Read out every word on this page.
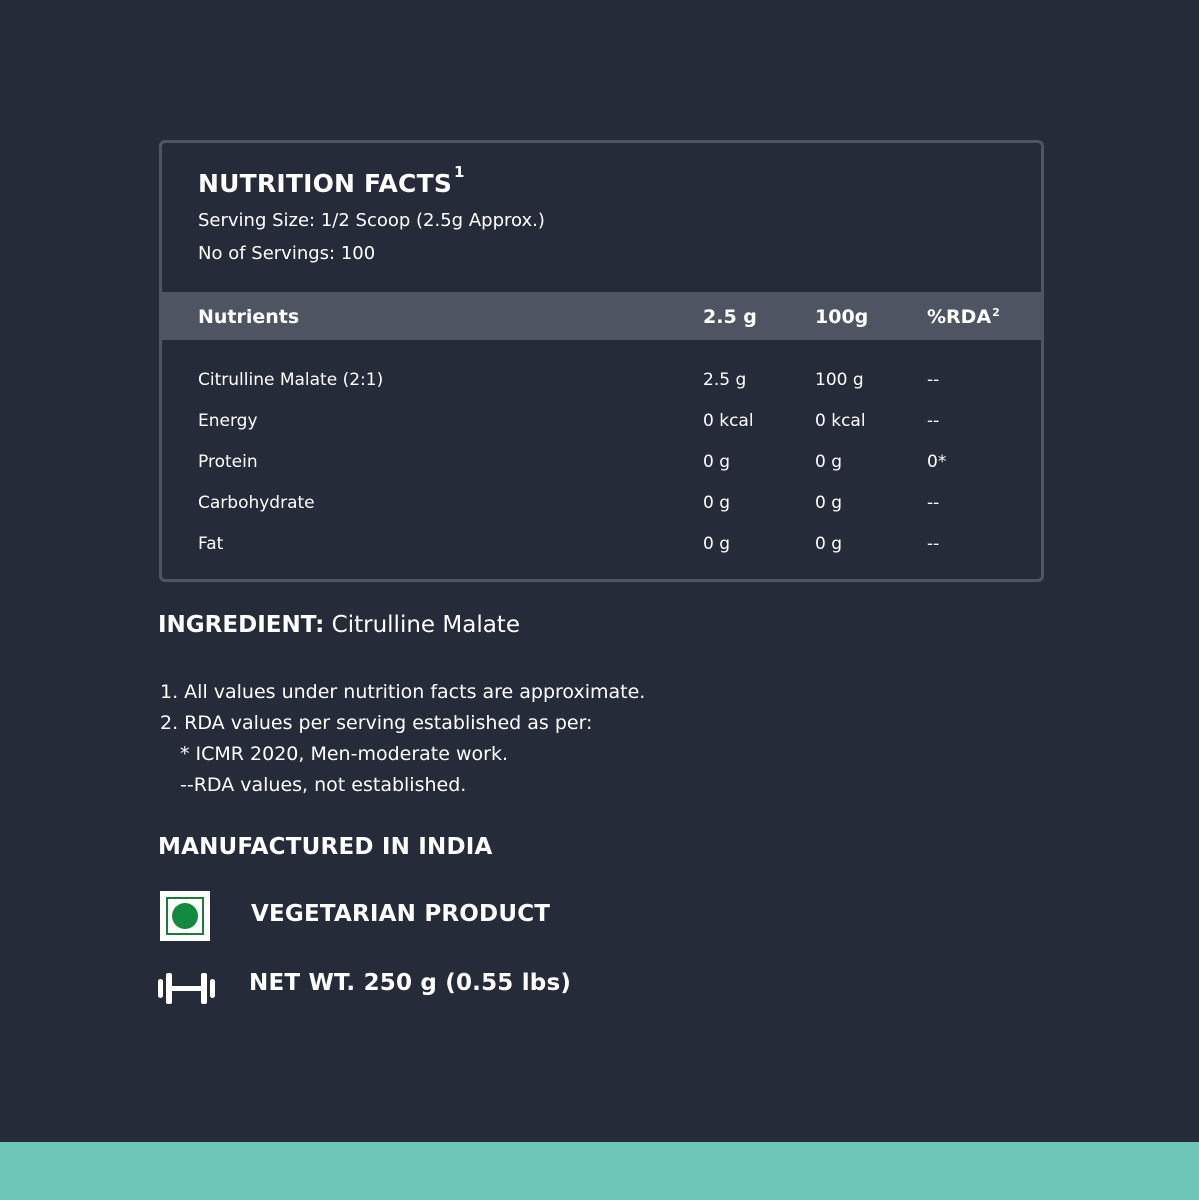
NUTRITION FACTS $^1$
Serving Size: 1/2 Scoop (2.5g Approx.)
No of Servings: 100
Nutrients	2.5 g	100g	%RDA$^2$
Citrulline Malate (2:1)	2.5 g	100 g	--
Energy	0 kcal	0 kcal	--
Protein	0 g	0 g	0*
Carbohydrate	0 g	0 g	--
Fat	0 g	0 g	--
INGREDIENT: Citrulline Malate
1. All values under nutrition facts are approximate.
2. RDA values per serving established as per:
* ICMR 2020, Men-moderate work.
--RDA values, not established.
MANUFACTURED IN INDIA
VEGETARIAN PRODUCT
NET WT. 250 g (0.55 lbs)
